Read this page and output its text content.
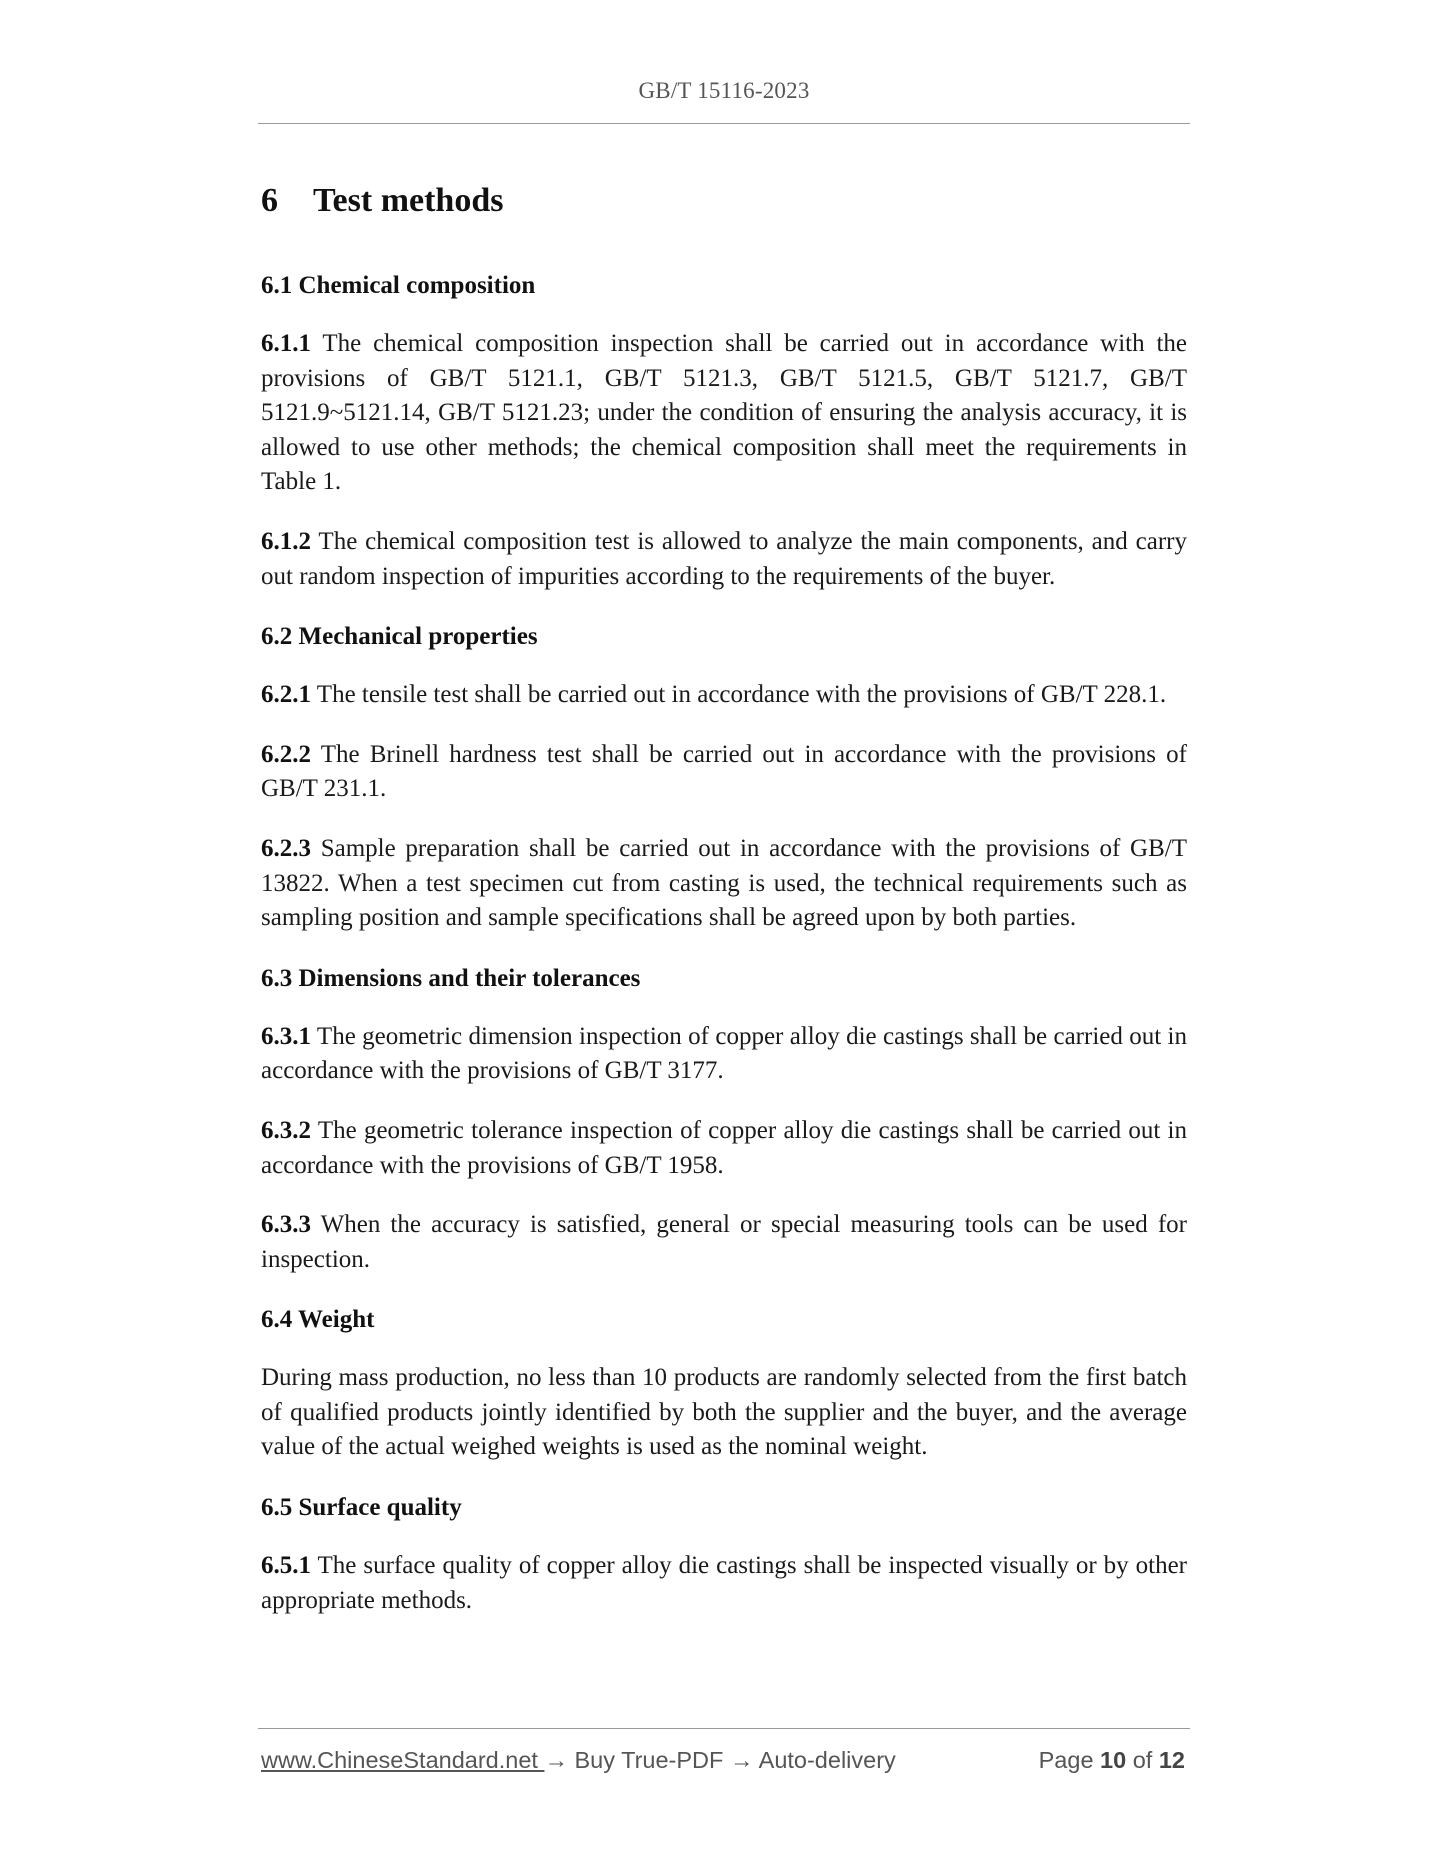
GB/T 15116-2023
6 Test methods
6.1 Chemical composition

6.1.1 The chemical composition inspection shall be carried out in accordance with the provisions of GB/T 5121.1, GB/T 5121.3, GB/T 5121.5, GB/T 5121.7, GB/T 5121.9~5121.14, GB/T 5121.23; under the condition of ensuring the analysis accuracy, it is allowed to use other methods; the chemical composition shall meet the requirements in Table 1.

6.1.2 The chemical composition test is allowed to analyze the main components, and carry out random inspection of impurities according to the requirements of the buyer.

6.2 Mechanical properties

6.2.1 The tensile test shall be carried out in accordance with the provisions of GB/T 228.1.

6.2.2 The Brinell hardness test shall be carried out in accordance with the provisions of GB/T 231.1.

6.2.3 Sample preparation shall be carried out in accordance with the provisions of GB/T 13822. When a test specimen cut from casting is used, the technical requirements such as sampling position and sample specifications shall be agreed upon by both parties.

6.3 Dimensions and their tolerances

6.3.1 The geometric dimension inspection of copper alloy die castings shall be carried out in accordance with the provisions of GB/T 3177.

6.3.2 The geometric tolerance inspection of copper alloy die castings shall be carried out in accordance with the provisions of GB/T 1958.

6.3.3 When the accuracy is satisfied, general or special measuring tools can be used for inspection.

6.4 Weight

During mass production, no less than 10 products are randomly selected from the first batch of qualified products jointly identified by both the supplier and the buyer, and the average value of the actual weighed weights is used as the nominal weight.

6.5 Surface quality

6.5.1 The surface quality of copper alloy die castings shall be inspected visually or by other appropriate methods.

www.ChineseStandard.net → Buy True-PDF → Auto-delivery	Page 10 of 12
